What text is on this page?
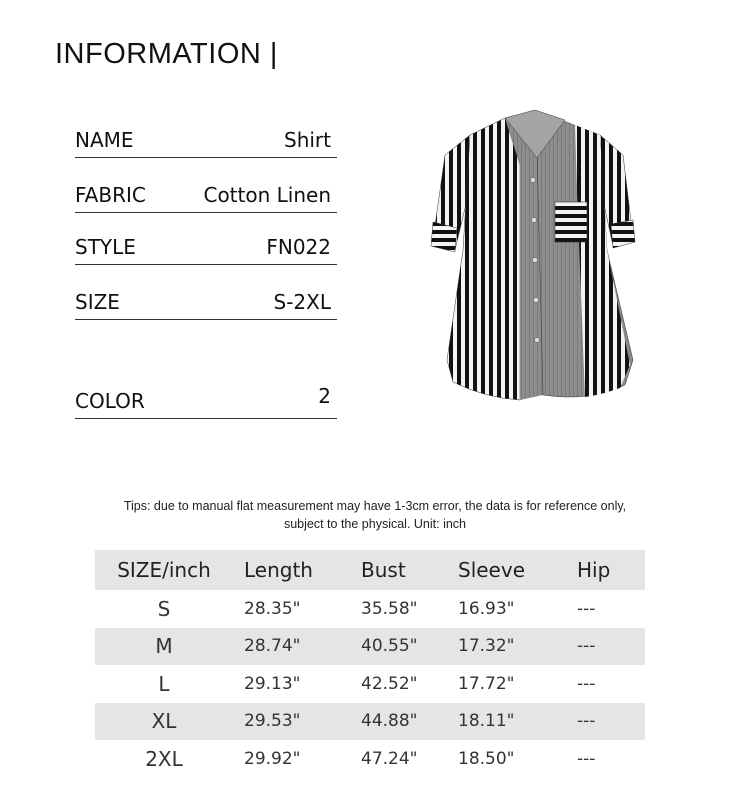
INFORMATION |
NAME	Shirt
FABRIC	Cotton Linen
STYLE	FN022
SIZE	S-2XL
COLOR	2
Tips: due to manual flat measurement may have 1-3cm error, the data is for reference only,
subject to the physical. Unit: inch
SIZE/inch	Length	Bust	Sleeve	Hip
S	28.35"	35.58"	16.93"	---
M	28.74"	40.55"	17.32"	---
L	29.13"	42.52"	17.72"	---
XL	29.53"	44.88"	18.11"	---
2XL	29.92"	47.24"	18.50"	---
